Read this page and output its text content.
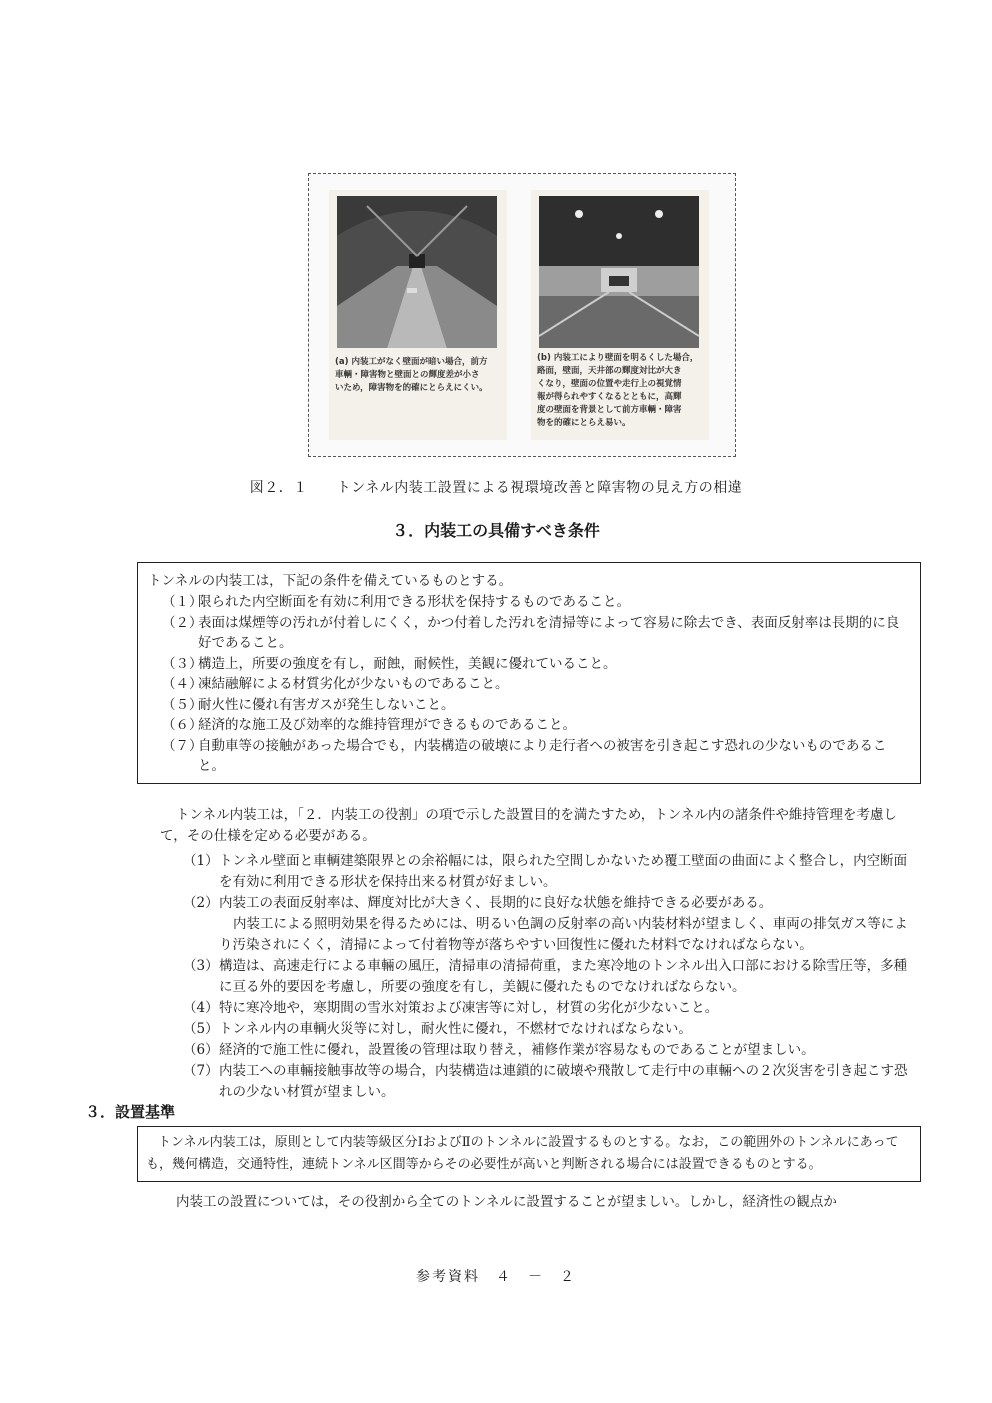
(a) 内装工がなく壁面が暗い場合，前方
車輌・障害物と壁面との輝度差が小さ
いため，障害物を的確にとらえにくい。
(b) 内装工により壁面を明るくした場合，
路面，壁面，天井部の輝度対比が大き
くなり，壁面の位置や走行上の視覚情
報が得られやすくなるとともに，高輝
度の壁面を背景として前方車輌・障害
物を的確にとらえ易い。
図２．１　　トンネル内装工設置による視環境改善と障害物の見え方の相違
３．内装工の具備すべき条件
トンネルの内装工は，下記の条件を備えているものとする。
（１）
限られた内空断面を有効に利用できる形状を保持するものであること。
（２）
表面は煤煙等の汚れが付着しにくく，かつ付着した汚れを清掃等によって容易に除去でき、表面反射率は長期的に良好であること。
（３）
構造上，所要の強度を有し，耐蝕，耐候性，美観に優れていること。
（４）
凍結融解による材質劣化が少ないものであること。
（５）
耐火性に優れ有害ガスが発生しないこと。
（６）
経済的な施工及び効率的な維持管理ができるものであること。
（７）
自動車等の接触があった場合でも，内装構造の破壊により走行者への被害を引き起こす恐れの少ないものであること。
トンネル内装工は，「２．内装工の役割」の項で示した設置目的を満たすため，トンネル内の諸条件や維持管理を考慮して，その仕様を定める必要がある。
（1） トンネル壁面と車輌建築限界との余裕幅には，限られた空間しかないため覆工壁面の曲面によく整合し，内空断面を有効に利用できる形状を保持出来る材質が好ましい。
（2） 内装工の表面反射率は、輝度対比が大きく、長期的に良好な状態を維持できる必要がある。
内装工による照明効果を得るためには、明るい色調の反射率の高い内装材料が望ましく、車両の排気ガス等により汚染されにくく，清掃によって付着物等が落ちやすい回復性に優れた材料でなければならない。
（3） 構造は、高速走行による車輛の風圧，清掃車の清掃荷重，また寒冷地のトンネル出入口部における除雪圧等，多種に亘る外的要因を考慮し，所要の強度を有し，美観に優れたものでなければならない。
（4） 特に寒冷地や，寒期間の雪氷対策および凍害等に対し，材質の劣化が少ないこと。
（5） トンネル内の車輌火災等に対し，耐火性に優れ，不燃材でなければならない。
（6） 経済的で施工性に優れ，設置後の管理は取り替え，補修作業が容易なものであることが望ましい。
（7） 内装工への車輛接触事故等の場合，内装構造は連鎖的に破壊や飛散して走行中の車輛への２次災害を引き起こす恐れの少ない材質が望ましい。
３．設置基準
トンネル内装工は，原則として内装等級区分ⅠおよびⅡのトンネルに設置するものとする。なお，この範囲外のトンネルにあっても，幾何構造，交通特性，連続トンネル区間等からその必要性が高いと判断される場合には設置できるものとする。
内装工の設置については，その役割から全てのトンネルに設置することが望ましい。しかし，経済性の観点か
参考資料　４　－　２
